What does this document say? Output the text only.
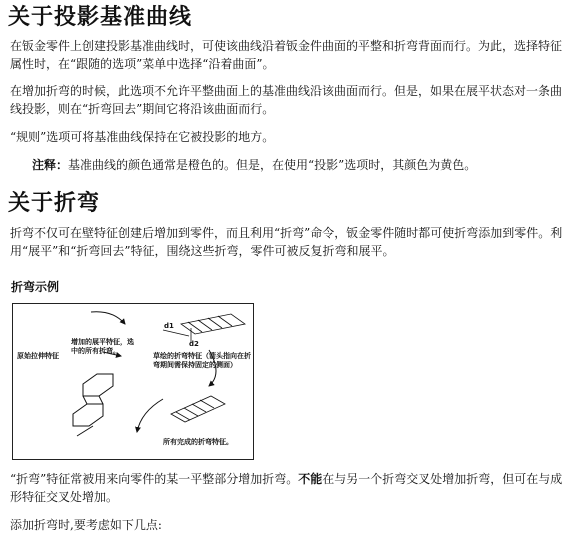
关于投影基准曲线
在钣金零件上创建投影基准曲线时，可使该曲线沿着钣金件曲面的平整和折弯背面而行。为此，选择特征属性时，在“跟随的选项”菜单中选择“沿着曲面”。
在增加折弯的时候，此选项不允许平整曲面上的基准曲线沿该曲面而行。但是，如果在展平状态对一条曲线投影，则在“折弯回去”期间它将沿该曲面而行。
“规则”选项可将基准曲线保持在它被投影的地方。
注释：基准曲线的颜色通常是橙色的。但是，在使用“投影”选项时，其颜色为黄色。
关于折弯
折弯不仅可在壁特征创建后增加到零件，而且利用“折弯”命令，钣金零件随时都可使折弯添加到零件。利用“展平”和“折弯回去”特征，围绕这些折弯，零件可被反复折弯和展平。
折弯示例
d1
d2
原始拉伸特征
增加的展平特征，选中的所有折弯。
草绘的折弯特征（箭头指向在折弯期间需保持固定的侧面）
所有完成的折弯特征。
“折弯”特征常被用来向零件的某一平整部分增加折弯。不能在与另一个折弯交叉处增加折弯，但可在与成形特征交叉处增加。
添加折弯时,要考虑如下几点:
